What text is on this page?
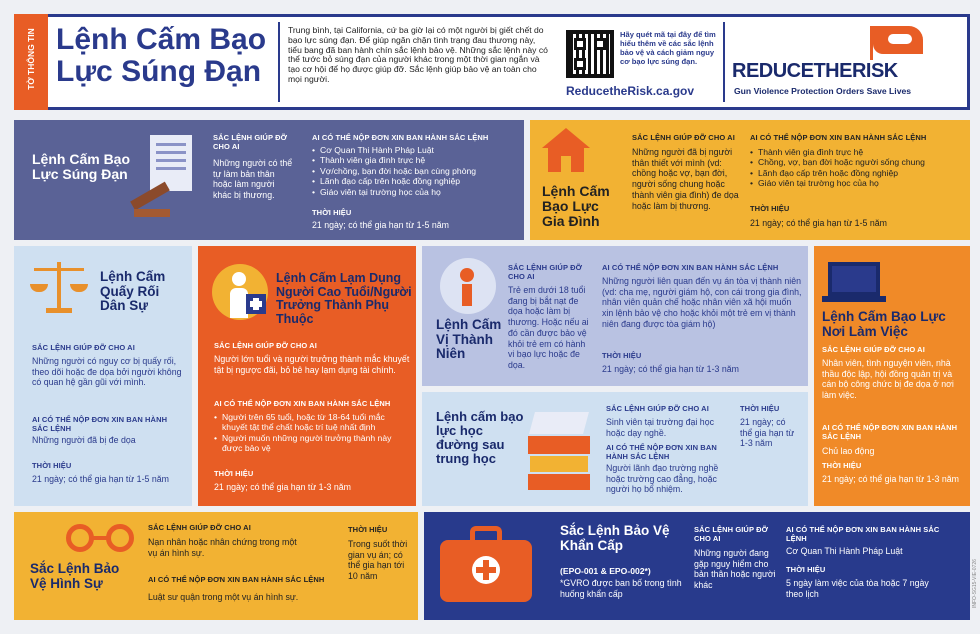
TỜ THÔNG TIN Lệnh Cấm Bạo Lực Súng Đạn
Trung bình, tại California, cứ ba giờ lại có một người bị giết chết do bạo lực súng đạn. Để giúp ngăn chặn tình trạng đau thương này, tiểu bang đã ban hành chín sắc lệnh bảo vệ. Những sắc lệnh này có thể tước bỏ súng đạn của người khác trong một thời gian ngắn và tạo cơ hội để họ được giúp đỡ. Sắc lệnh giúp bảo vệ an toàn cho mọi người.
Hãy quét mã tại đây để tìm hiểu thêm về các sắc lệnh bảo vệ và cách giảm nguy cơ bạo lực súng đạn.
ReducetheRisk.ca.gov
REDUCETHERISK
Gun Violence Protection Orders Save Lives
Lệnh Cấm Bạo Lực Súng Đạn
SẮC LỆNH GIÚP ĐỠ CHO AI
Những người có thể tự làm bản thân hoặc làm người khác bị thương.
AI CÓ THỂ NỘP ĐƠN XIN BAN HÀNH SẮC LỆNH
• Cơ Quan Thi Hành Pháp Luật
• Thành viên gia đình trực hệ
• Vợ/chồng, bạn đời hoặc bạn cùng phòng
• Lãnh đạo cấp trên hoặc đồng nghiệp
• Giáo viên tại trường học của họ
THỜI HIỆU
21 ngày; có thể gia hạn từ 1-5 năm
Lệnh Cấm Bạo Lực Gia Đình
SẮC LỆNH GIÚP ĐỠ CHO AI
Những người đã bị người thân thiết với mình (vd: chồng hoặc vợ, bạn đời, người sống chung hoặc thành viên gia đình) đe dọa hoặc làm bị thương.
AI CÓ THỂ NỘP ĐƠN XIN BAN HÀNH SẮC LỆNH
• Thành viên gia đình trực hệ
• Chồng, vợ, bạn đời hoặc người sống chung
• Lãnh đạo cấp trên hoặc đồng nghiệp
• Giáo viên tại trường học của họ
THỜI HIỆU
21 ngày; có thể gia hạn từ 1-5 năm
Lệnh Cấm Quấy Rối Dân Sự
SẮC LỆNH GIÚP ĐỠ CHO AI
Những người có nguy cơ bị quấy rối, theo dõi hoặc đe dọa bởi người không có quan hệ gần gũi với mình.
AI CÓ THỂ NỘP ĐƠN XIN BAN HÀNH SẮC LỆNH
Những người đã bị đe dọa
THỜI HIỆU
21 ngày; có thể gia hạn từ 1-5 năm
Lệnh Cấm Lạm Dụng Người Cao Tuổi/Người Trưởng Thành Phụ Thuộc
SẮC LỆNH GIÚP ĐỠ CHO AI
Người lớn tuổi và người trưởng thành mắc khuyết tật bị ngược đãi, bỏ bê hay lạm dụng tài chính.
AI CÓ THỂ NỘP ĐƠN XIN BAN HÀNH SẮC LỆNH
• Người trên 65 tuổi, hoặc từ 18-64 tuổi mắc khuyết tật thể chất hoặc trí tuệ nhất định
• Người muốn những người trưởng thành này được bảo vệ
THỜI HIỆU
21 ngày; có thể gia hạn từ 1-3 năm
Lệnh Cấm Vị Thành Niên
SẮC LỆNH GIÚP ĐỠ CHO AI
Trẻ em dưới 18 tuổi đang bị bắt nạt đe dọa hoặc làm bị thương. Hoặc nếu ai đó cần được bảo vệ khỏi trẻ em có hành vi bạo lực hoặc đe dọa.
AI CÓ THỂ NỘP ĐƠN XIN BAN HÀNH SẮC LỆNH
Những người liên quan đến vụ án tòa vị thành niên (vd: cha mẹ, người giám hộ, con cái trong gia đình, nhân viên quản chế hoặc nhân viên xã hội muốn xin lệnh bảo vệ cho hoặc khỏi một trẻ em vị thành niên đang được tòa giám hộ)
THỜI HIỆU
21 ngày; có thể gia hạn từ 1-3 năm
Lệnh Cấm Bạo Lực Nơi Làm Việc
SẮC LỆNH GIÚP ĐỠ CHO AI
Nhân viên, tình nguyện viên, nhà thầu độc lập, hội đồng quản trị và cán bộ công chức bị đe dọa ở nơi làm việc.
AI CÓ THỂ NỘP ĐƠN XIN BAN HÀNH SẮC LỆNH
Chủ lao động
THỜI HIỆU
21 ngày; có thể gia hạn từ 1-3 năm
Lệnh cấm bạo lực học đường sau trung học
SẮC LỆNH GIÚP ĐỠ CHO AI
Sinh viên tại trường đại học hoặc dạy nghề.
AI CÓ THỂ NỘP ĐƠN XIN BAN HÀNH SẮC LỆNH
Người lãnh đạo trường nghề hoặc trường cao đẳng, hoặc người họ bổ nhiệm.
THỜI HIỆU
21 ngày; có thể gia hạn từ 1-3 năm
Sắc Lệnh Bảo Vệ Hình Sự
SẮC LỆNH GIÚP ĐỠ CHO AI
Nạn nhân hoặc nhân chứng trong một vụ án hình sự.
AI CÓ THỂ NỘP ĐƠN XIN BAN HÀNH SẮC LỆNH
Luật sư quận trong một vụ án hình sự.
THỜI HIỆU
Trong suốt thời gian vụ án; có thể gia hạn tới 10 năm
Sắc Lệnh Bảo Vệ Khẩn Cấp
(EPO-001 & EPO-002*)
*GVRO được ban bố trong tình huống khẩn cấp
SẮC LỆNH GIÚP ĐỠ CHO AI
Những người đang gặp nguy hiểm cho bản thân hoặc người khác
AI CÓ THỂ NỘP ĐƠN XIN BAN HÀNH SẮC LỆNH
Cơ Quan Thi Hành Pháp Luật
THỜI HIỆU
5 ngày làm việc của tòa hoặc 7 ngày theo lịch	INFO-SG15-VIE-0726
